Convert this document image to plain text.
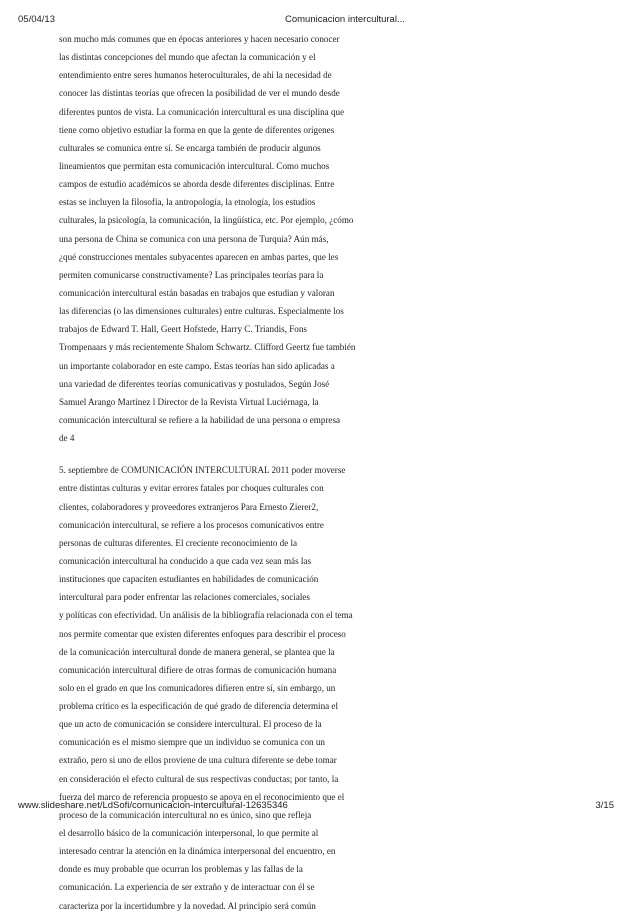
05/04/13	Comunicacion intercultural...
son mucho más comunes que en épocas anteriores y hacen necesario conocer
las distintas concepciones del mundo que afectan la comunicación y el
entendimiento entre seres humanos heteroculturales, de ahí la necesidad de
conocer las distintas teorías que ofrecen la posibilidad de ver el mundo desde
diferentes puntos de vista. La comunicación intercultural es una disciplina que
tiene como objetivo estudiar la forma en que la gente de diferentes orígenes
culturales se comunica entre sí. Se encarga también de producir algunos
lineamientos que permitan esta comunicación intercultural. Como muchos
campos de estudio académicos se aborda desde diferentes disciplinas. Entre
estas se incluyen la filosofía, la antropología, la etnología, los estudios
culturales, la psicología, la comunicación, la lingüística, etc. Por ejemplo, ¿cómo
una persona de China se comunica con una persona de Turquía? Aún más,
¿qué construcciones mentales subyacentes aparecen en ambas partes, que les
permiten comunicarse constructivamente? Las principales teorías para la
comunicación intercultural están basadas en trabajos que estudian y valoran
las diferencias (o las dimensiones culturales) entre culturas. Especialmente los
trabajos de Edward T. Hall, Geert Hofstede, Harry C. Triandis, Fons
Trompenaars y más recientemente Shalom Schwartz. Clifford Geertz fue también
un importante colaborador en este campo. Estas teorías han sido aplicadas a
una variedad de diferentes teorías comunicativas y postulados, Según José
Samuel Arango Martínez l Director de la Revista Virtual Luciérnaga, la
comunicación intercultural se refiere a la habilidad de una persona o empresa
de 4
5. septiembre de COMUNICACIÓN INTERCULTURAL 2011 poder moverse
entre distintas culturas y evitar errores fatales por choques culturales con
clientes, colaboradores y proveedores extranjeros Para Ernesto Zierer2,
comunicación intercultural, se refiere a los procesos comunicativos entre
personas de culturas diferentes. El creciente reconocimiento de la
comunicación intercultural ha conducido a que cada vez sean más las
instituciones que capaciten estudiantes en habilidades de comunicación
intercultural para poder enfrentar las relaciones comerciales, sociales
y políticas con efectividad. Un análisis de la bibliografía relacionada con el tema
nos permite comentar que existen diferentes enfoques para describir el proceso
de la comunicación intercultural donde de manera general, se plantea que la
comunicación intercultural difiere de otras formas de comunicación humana
solo en el grado en que los comunicadores difieren entre sí, sin embargo, un
problema crítico es la especificación de qué grado de diferencia determina el
que un acto de comunicación se considere intercultural. El proceso de la
comunicación es el mismo siempre que un individuo se comunica con un
extraño, pero si uno de ellos proviene de una cultura diferente se debe tomar
en consideración el efecto cultural de sus respectivas conductas; por tanto, la
fuerza del marco de referencia propuesto se apoya en el reconocimiento que el
proceso de la comunicación intercultural no es único, sino que refleja
el desarrollo básico de la comunicación interpersonal, lo que permite al
interesado centrar la atención en la dinámica interpersonal del encuentro, en
donde es muy probable que ocurran los problemas y las fallas de la
comunicación. La experiencia de ser extraño y de interactuar con él se
caracteriza por la incertidumbre y la novedad. Al principio será común
www.slideshare.net/LdSofi/comunicacion-intercultural-12635346	3/15
